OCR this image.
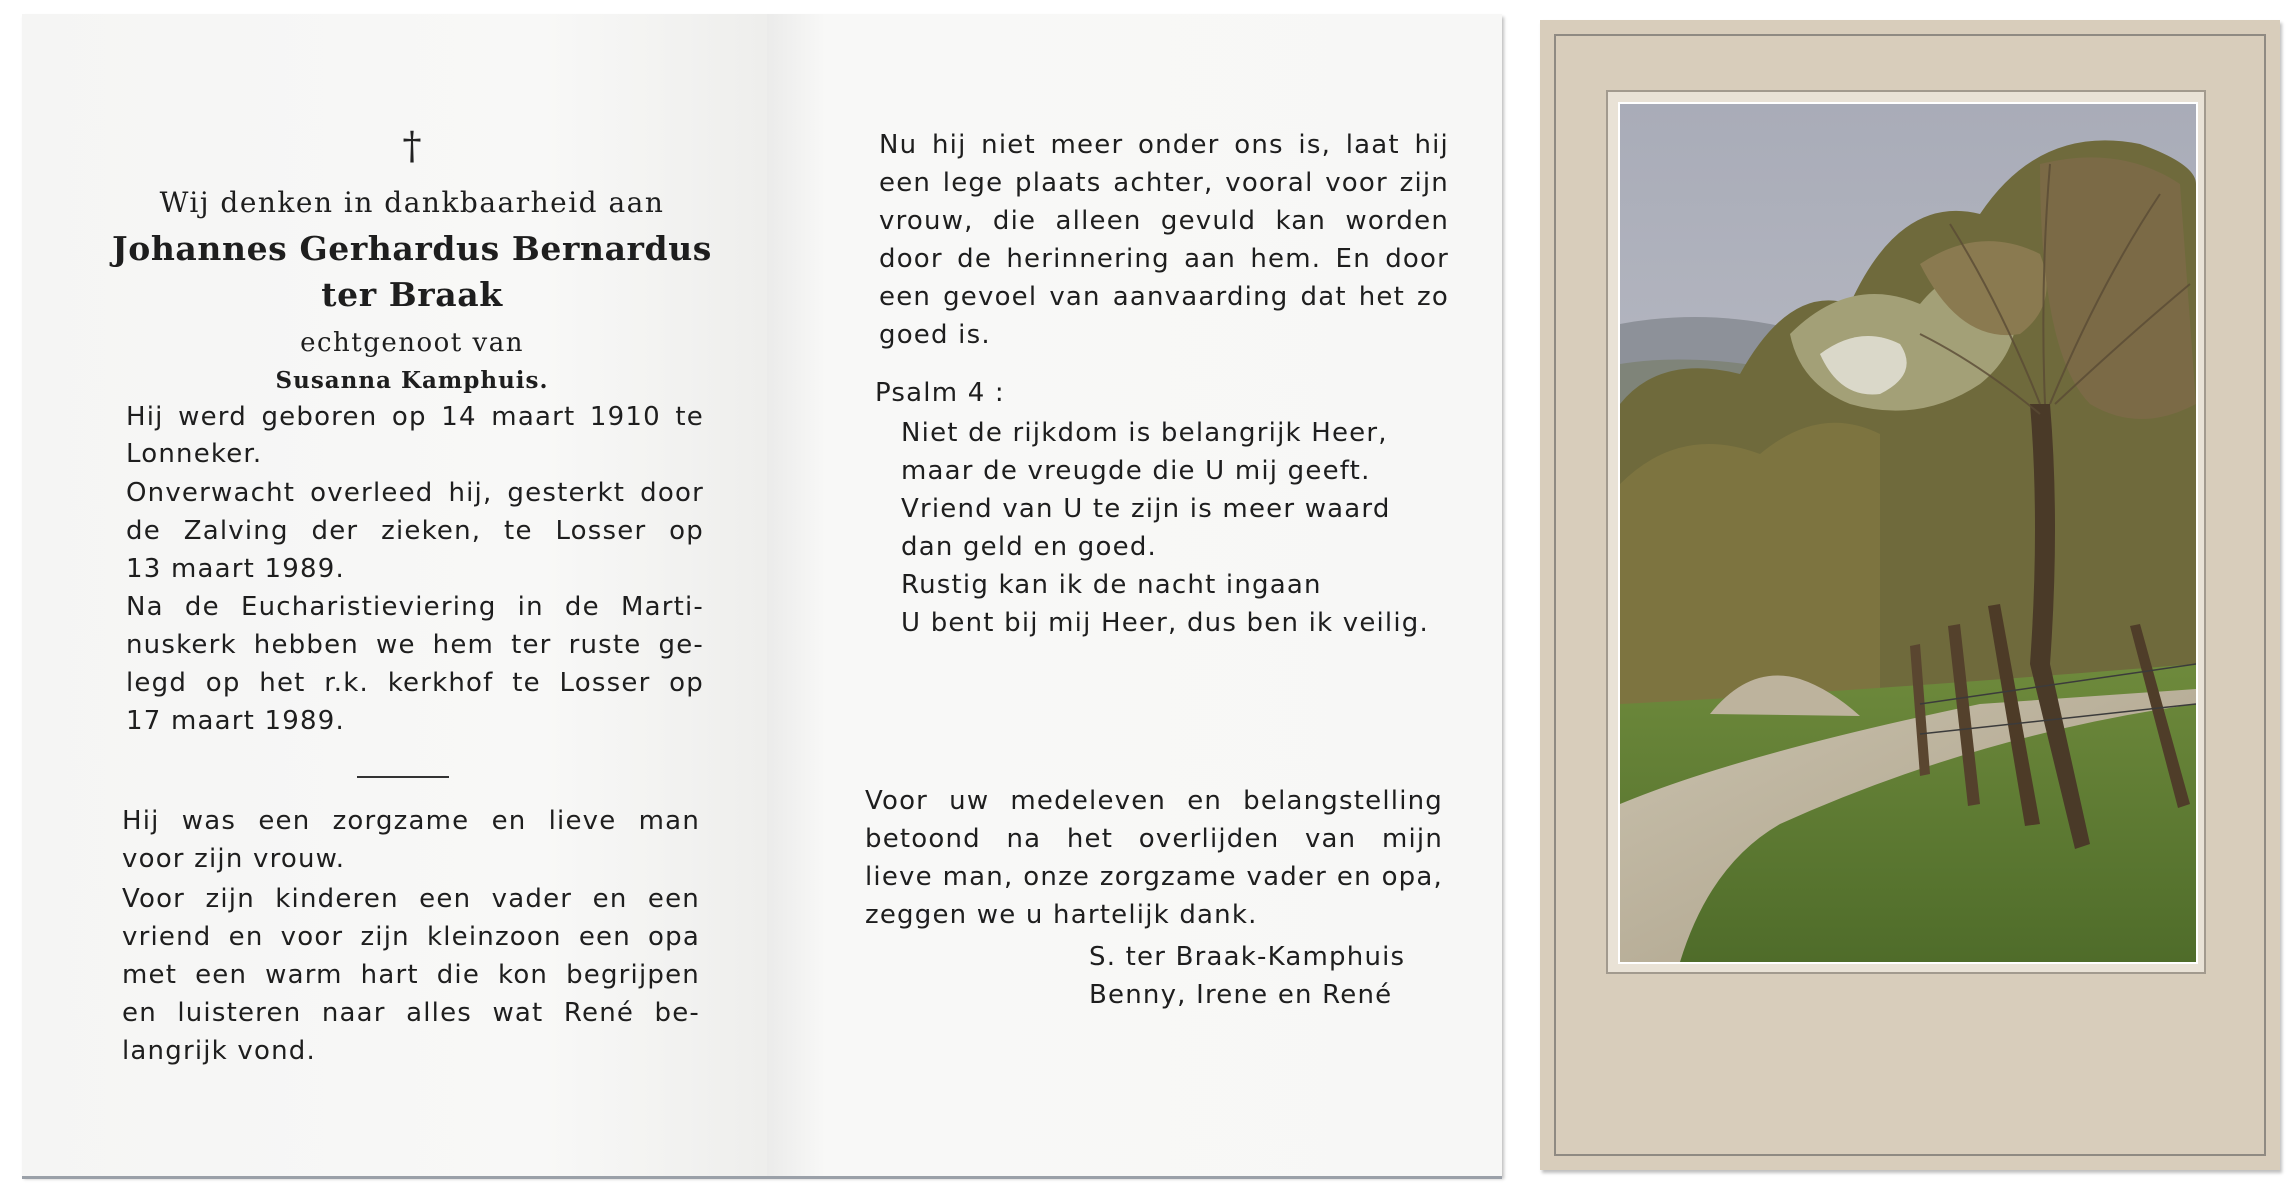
†
Wij denken in dankbaarheid aan
Johannes Gerhardus Bernardus
ter Braak
echtgenoot van
Susanna Kamphuis.
Hij werd geboren op 14 maart 1910 te
Lonneker.
Onverwacht overleed hij, gesterkt door
de Zalving der zieken, te Losser op
13 maart 1989.
Na de Eucharistieviering in de Marti-
nuskerk hebben we hem ter ruste ge-
legd op het r.k. kerkhof te Losser op
17 maart 1989.
Hij was een zorgzame en lieve man
voor zijn vrouw.
Voor zijn kinderen een vader en een
vriend en voor zijn kleinzoon een opa
met een warm hart die kon begrijpen
en luisteren naar alles wat René be-
langrijk vond.
Nu hij niet meer onder ons is, laat hij
een lege plaats achter, vooral voor zijn
vrouw, die alleen gevuld kan worden
door de herinnering aan hem. En door
een gevoel van aanvaarding dat het zo
goed is.
Psalm 4 :
Niet de rijkdom is belangrijk Heer,
maar de vreugde die U mij geeft.
Vriend van U te zijn is meer waard
dan geld en goed.
Rustig kan ik de nacht ingaan
U bent bij mij Heer, dus ben ik veilig.
Voor uw medeleven en belangstelling
betoond na het overlijden van mijn
lieve man, onze zorgzame vader en opa,
zeggen we u hartelijk dank.
S. ter Braak-Kamphuis
Benny, Irene en René
